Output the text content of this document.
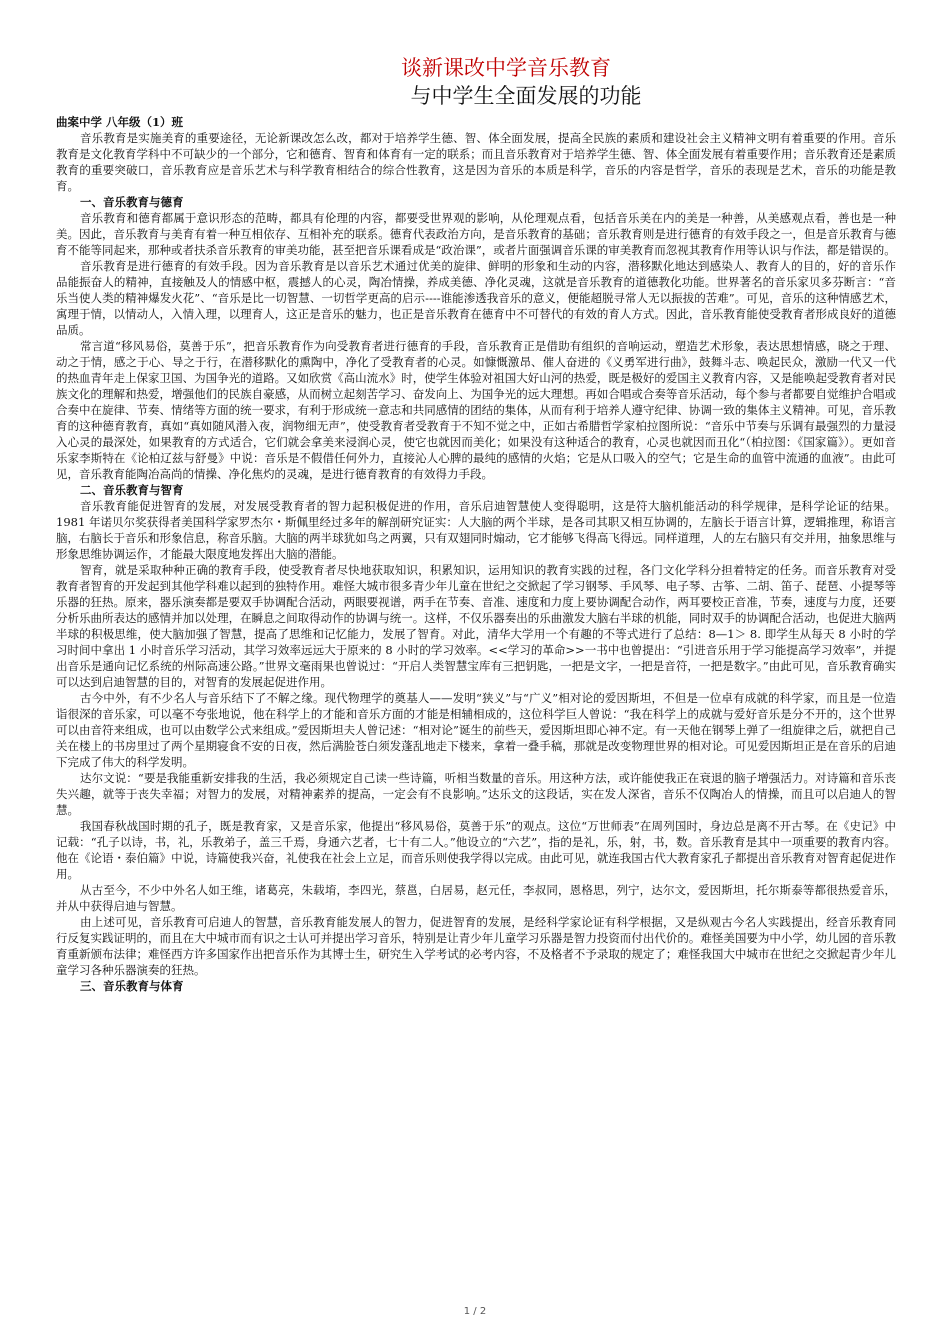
谈新课改中学音乐教育
与中学生全面发展的功能
曲案中学 八年级（1）班
音乐教育是实施美育的重要途径，无论新课改怎么改，都对于培养学生德、智、体全面发展，提高全民族的素质和建设社会主义精神文明有着重要的作用。音乐教育是文化教育学科中不可缺少的一个部分，它和德育、智育和体育有一定的联系；而且音乐教育对于培养学生德、智、体全面发展有着重要作用；音乐教育还是素质教育的重要突破口，音乐教育应是音乐艺术与科学教育相结合的综合性教育，这是因为音乐的本质是科学，音乐的内容是哲学，音乐的表现是艺术，音乐的功能是教育。
一、音乐教育与德育
音乐教育和德育都属于意识形态的范畴，都具有伦理的内容，都要受世界观的影响，从伦理观点看，包括音乐美在内的美是一种善，从美感观点看，善也是一种美。因此，音乐教育与美育有着一种互相依存、互相补充的联系。德育代表政治方向，是音乐教育的基础；音乐教育则是进行德育的有效手段之一，但是音乐教育与德育不能等同起来，那种或者扶杀音乐教育的审美功能，甚至把音乐课看成是“政治课”，或者片面强调音乐课的审美教育而忽视其教育作用等认识与作法，都是错误的。
音乐教育是进行德育的有效手段。因为音乐教育是以音乐艺术通过优美的旋律、鲜明的形象和生动的内容，潜移默化地达到感染人、教育人的目的，好的音乐作品能振奋人的精神，直接触及人的情感中枢，震撼人的心灵，陶冶情操，养成美德、净化灵魂，这就是音乐教育的道德教化功能。世界著名的音乐家贝多芬断言：“音乐当使人类的精神爆发火花”、“音乐是比一切智慧、一切哲学更高的启示----谁能渗透我音乐的意义，便能超脱寻常人无以振拔的苦难”。可见，音乐的这种情感艺术，寓理于情，以情动人，入情入理，以理育人，这正是音乐的魅力，也正是音乐教育在德育中不可替代的有效的育人方式。因此，音乐教育能使受教育者形成良好的道德品质。
常言道“移风易俗，莫善于乐”，把音乐教育作为向受教育者进行德育的手段，音乐教育正是借助有组织的音响运动，塑造艺术形象，表达思想情感，晓之于理、动之于情，感之于心、导之于行，在潜移默化的熏陶中，净化了受教育者的心灵。如慷慨激昂、催人奋进的《义勇军进行曲》，鼓舞斗志、唤起民众，激励一代又一代的热血青年走上保家卫国、为国争光的道路。又如欣赏《高山流水》时，使学生体验对祖国大好山河的热爱，既是极好的爱国主义教育内容，又是能唤起受教育者对民族文化的理解和热爱，增强他们的民族自豪感，从而树立起刻苦学习、奋发向上、为国争光的远大理想。再如合唱或合奏等音乐活动，每个参与者都要自觉维护合唱或合奏中在旋律、节奏、情绪等方面的统一要求，有利于形成统一意志和共同感情的团结的集体，从而有利于培养人遵守纪律、协调一致的集体主义精神。可见，音乐教育的这种德育教育，真如“真如随风潜入夜，润物细无声”，使受教育者受教育于不知不觉之中，正如古希腊哲学家柏拉图所说：“音乐中节奏与乐调有最强烈的力量浸入心灵的最深处，如果教育的方式适合，它们就会拿美来浸润心灵，使它也就因而美化；如果没有这种适合的教育，心灵也就因而丑化“（柏拉图：《国家篇》）。更如音乐家李斯特在《论柏辽兹与舒曼》中说：音乐是不假借任何外力，直接沁人心脾的最纯的感情的火焰；它是从口吸入的空气；它是生命的血管中流通的血液”。由此可见，音乐教育能陶冶高尚的情操、净化焦灼的灵魂，是进行德育教育的有效得力手段。
二、音乐教育与智育
音乐教育能促进智育的发展，对发展受教育者的智力起积极促进的作用，音乐启迪智慧使人变得聪明，这是符大脑机能活动的科学规律，是科学论证的结果。1981 年诺贝尔奖获得者美国科学家罗杰尔・斯佩里经过多年的解剖研究证实：人大脑的两个半球，是各司其职又相互协调的，左脑长于语言计算，逻辑推理，称语言脑，右脑长于音乐和形象信息，称音乐脑。大脑的两半球犹如鸟之两翼，只有双翅同时煽动，它才能够飞得高飞得远。同样道理，人的左右脑只有交并用，抽象思维与形象思维协调运作，才能最大限度地发挥出大脑的潜能。
智育，就是采取种种正确的教育手段，使受教育者尽快地获取知识，积累知识，运用知识的教育实践的过程，各门文化学科分担着特定的任务。而音乐教育对受教育者智育的开发起到其他学科难以起到的独特作用。难怪大城市很多青少年儿童在世纪之交掀起了学习钢琴、手风琴、电子琴、古筝、二胡、笛子、琵琶、小提琴等乐器的狂热。原来，器乐演奏都是要双手协调配合活动，两眼要视谱，两手在节奏、音准、速度和力度上要协调配合动作，两耳要校正音准，节奏，速度与力度，还要分析乐曲所表达的感情并加以处理，在瞬息之间取得动作的协调与统一。这样，不仅乐器奏出的乐曲激发大脑右半球的机能，同时双手的协调配合活动，也促进大脑两半球的积极思维，使大脑加强了智慧，提高了思维和记忆能力，发展了智育。对此，清华大学用一个有趣的不等式进行了总结：8—1＞ 8. 即学生从每天 8 小时的学习时间中拿出 1 小时音乐学习活动，其学习效率远远大于原来的 8 小时的学习效率。<<学习的革命>>一书中也曾提出：“引进音乐用于学习能提高学习效率”，并提出音乐是通向记忆系统的州际高速公路。”世界文毫雨果也曾说过：“开启人类智慧宝库有三把钥匙，一把是文字，一把是音符，一把是数字。”由此可见，音乐教育确实可以达到启迪智慧的目的，对智育的发展起促进作用。
古今中外，有不少名人与音乐结下了不解之缘。现代物理学的奠基人——发明“狭义”与“广义”相对论的爱因斯坦，不但是一位卓有成就的科学家，而且是一位造诣很深的音乐家，可以毫不夸张地说，他在科学上的才能和音乐方面的才能是相辅相成的，这位科学巨人曾说：“我在科学上的成就与爱好音乐是分不开的，这个世界可以由音符来组成，也可以由数学公式来组成。”爱因斯坦夫人曾记述：“相对论”诞生的前些天，爱因斯坦即心神不定。有一天他在钢琴上弹了一组旋律之后，就把自己关在楼上的书房里过了两个星期寝食不安的日夜，然后满脸苍白须发蓬乱地走下楼来，拿着一叠手稿，那就是改变物理世界的相对论。可见爱因斯坦正是在音乐的启迪下完成了伟大的科学发明。
达尔文说：“要是我能重新安排我的生活，我必须规定自己读一些诗篇，听相当数量的音乐。用这种方法，或许能使我正在衰退的脑子增强活力。对诗篇和音乐丧失兴趣，就等于丧失幸福；对智力的发展，对精神素养的提高，一定会有不良影响。”达乐文的这段话，实在发人深省，音乐不仅陶冶人的情操，而且可以启迪人的智慧。
我国春秋战国时期的孔子，既是教育家，又是音乐家，他提出“移风易俗，莫善于乐”的观点。这位“万世师表”在周列国时，身边总是离不开古琴。在《史记》中记载：“孔子以诗，书，礼，乐教弟子，盖三千焉，身通六艺者，七十有二人。”他设立的“六艺”，指的是礼，乐，射，书，数。音乐教育是其中一项重要的教育内容。他在《论语・泰伯篇》中说，诗篇使我兴奋，礼使我在社会上立足，而音乐则使我学得以完成。由此可见，就连我国古代大教育家孔子都提出音乐教育对智育起促进作用。
从古至今，不少中外名人如王维，诸葛亮，朱载堉，李四光，蔡邕，白居易，赵元任，李叔同，恩格思，列宁，达尔文，爱因斯坦，托尔斯泰等都很热爱音乐，并从中获得启迪与智慧。
由上述可见，音乐教育可启迪人的智慧，音乐教育能发展人的智力，促进智育的发展，是经科学家论证有科学根据，又是纵观古今名人实践提出，经音乐教育同行反复实践证明的，而且在大中城市而有识之士认可并提出学习音乐，特别是让青少年儿童学习乐器是智力投资而付出代价的。难怪美国要为中小学，幼儿园的音乐教育重新颁布法律；难怪西方许多国家作出把音乐作为其博士生，研究生入学考试的必考内容，不及格者不予录取的规定了；难怪我国大中城市在世纪之交掀起青少年儿童学习各种乐器演奏的狂热。
三、音乐教育与体育
1 / 2
